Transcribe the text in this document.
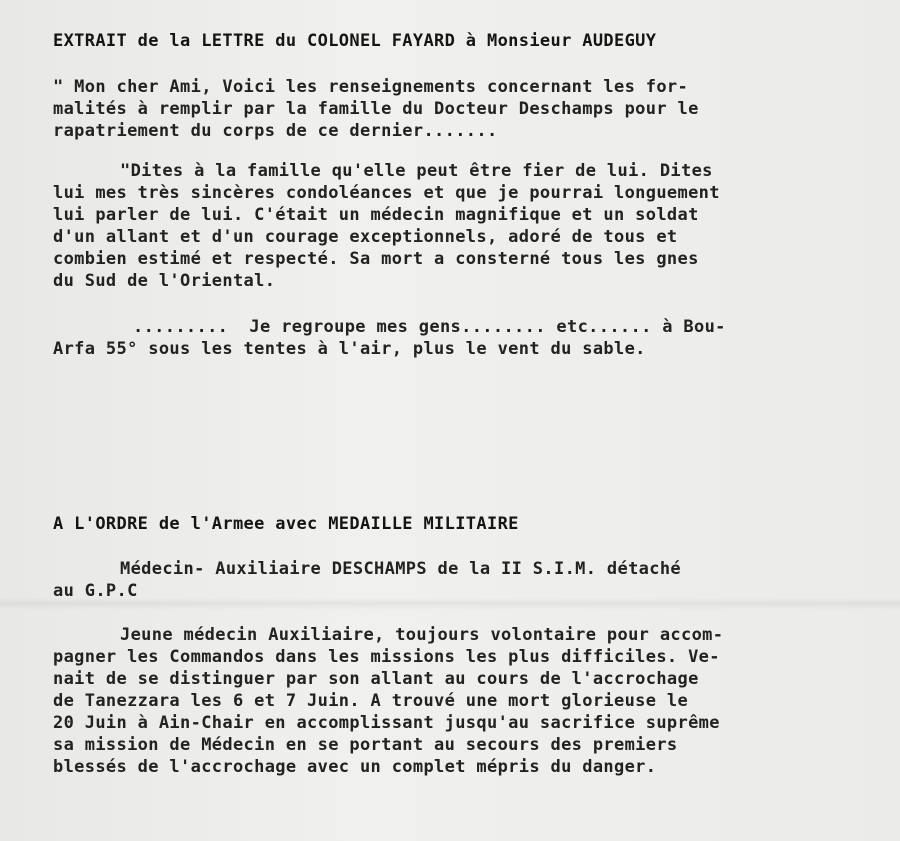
EXTRAIT de la LETTRE du COLONEL FAYARD à Monsieur AUDEGUY
" Mon cher Ami, Voici les renseignements concernant les for-
malités à remplir par la famille du Docteur Deschamps pour le
rapatriement du corps de ce dernier.......
"Dites à la famille qu'elle peut être fier de lui. Dites
lui mes très sincères condoléances et que je pourrai longuement
lui parler de lui. C'était un médecin magnifique et un soldat
d'un allant et d'un courage exceptionnels, adoré de tous et
combien estimé et respecté. Sa mort a consterné tous les gnes
du Sud de l'Oriental.
.........  Je regroupe mes gens........ etc...... à Bou-
Arfa 55° sous les tentes à l'air, plus le vent du sable.
A L'ORDRE de l'Armee avec MEDAILLE MILITAIRE
Médecin- Auxiliaire DESCHAMPS de la II S.I.M. détaché
au G.P.C
Jeune médecin Auxiliaire, toujours volontaire pour accom-
pagner les Commandos dans les missions les plus difficiles. Ve-
nait de se distinguer par son allant au cours de l'accrochage
de Tanezzara les 6 et 7 Juin. A trouvé une mort glorieuse le
20 Juin à Ain-Chair en accomplissant jusqu'au sacrifice suprême
sa mission de Médecin en se portant au secours des premiers
blessés de l'accrochage avec un complet mépris du danger.
